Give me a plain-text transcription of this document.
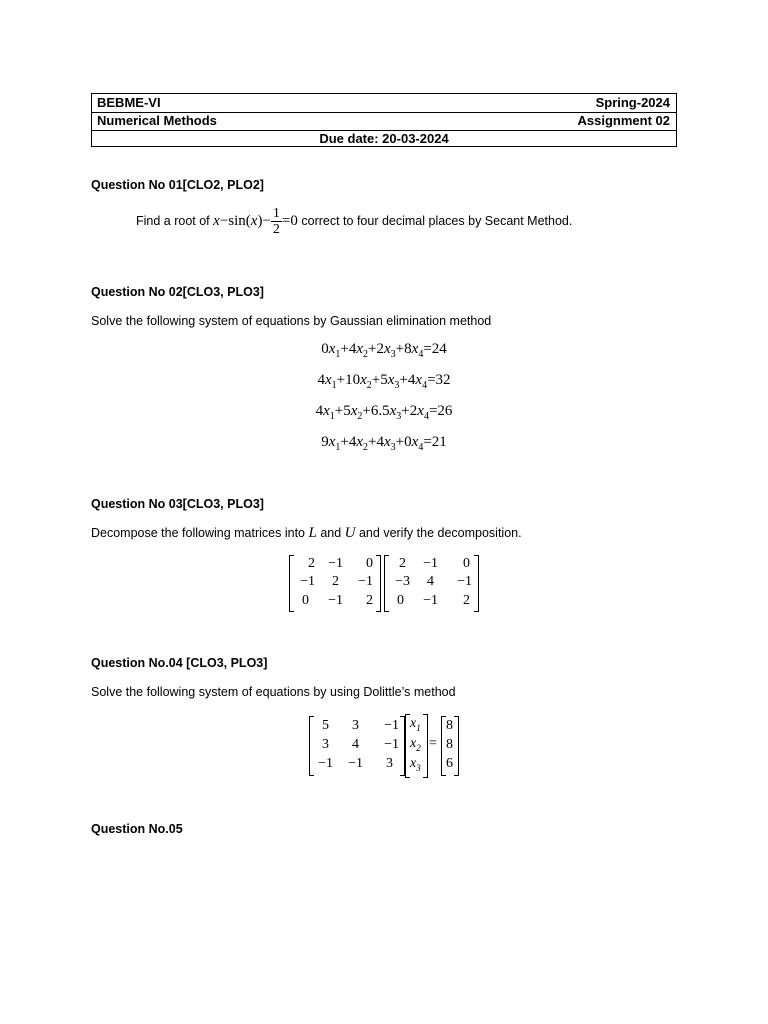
BEBME-VI	Spring-2024
Numerical Methods	Assignment 02
Due date: 20-03-2024
Question No 01[CLO2, PLO2]
Find a root of $x-\sin(x)- \frac{1}{2} =0$ correct to four decimal places by Secant Method.
Question No 02[CLO3, PLO3]
Solve the following system of equations by Gaussian elimination method
$0x_1+4x_2+2x_3+8x_4=24$
$4x_1+10x_2+5x_3+4x_4=32$
$4x_1+5x_2+6.5x_3+2x_4=26$
$9x_1+4x_2+4x_3+0x_4=21$
Question No 03[CLO3, PLO3]
Decompose the following matrices into L and U and verify the decomposition.
2 −1	0
−1	2	−1
0	−1	2
2	−1	0
−3	4	−1
0	−1	2
Question No.04 [CLO3, PLO3]
Solve the following system of equations by using Dolittle’s method
5	3	−1
3	4	−1
−1	−1	3
$x_1$
$x_2$
$x_3$
=
8
8
6
Question No.05
